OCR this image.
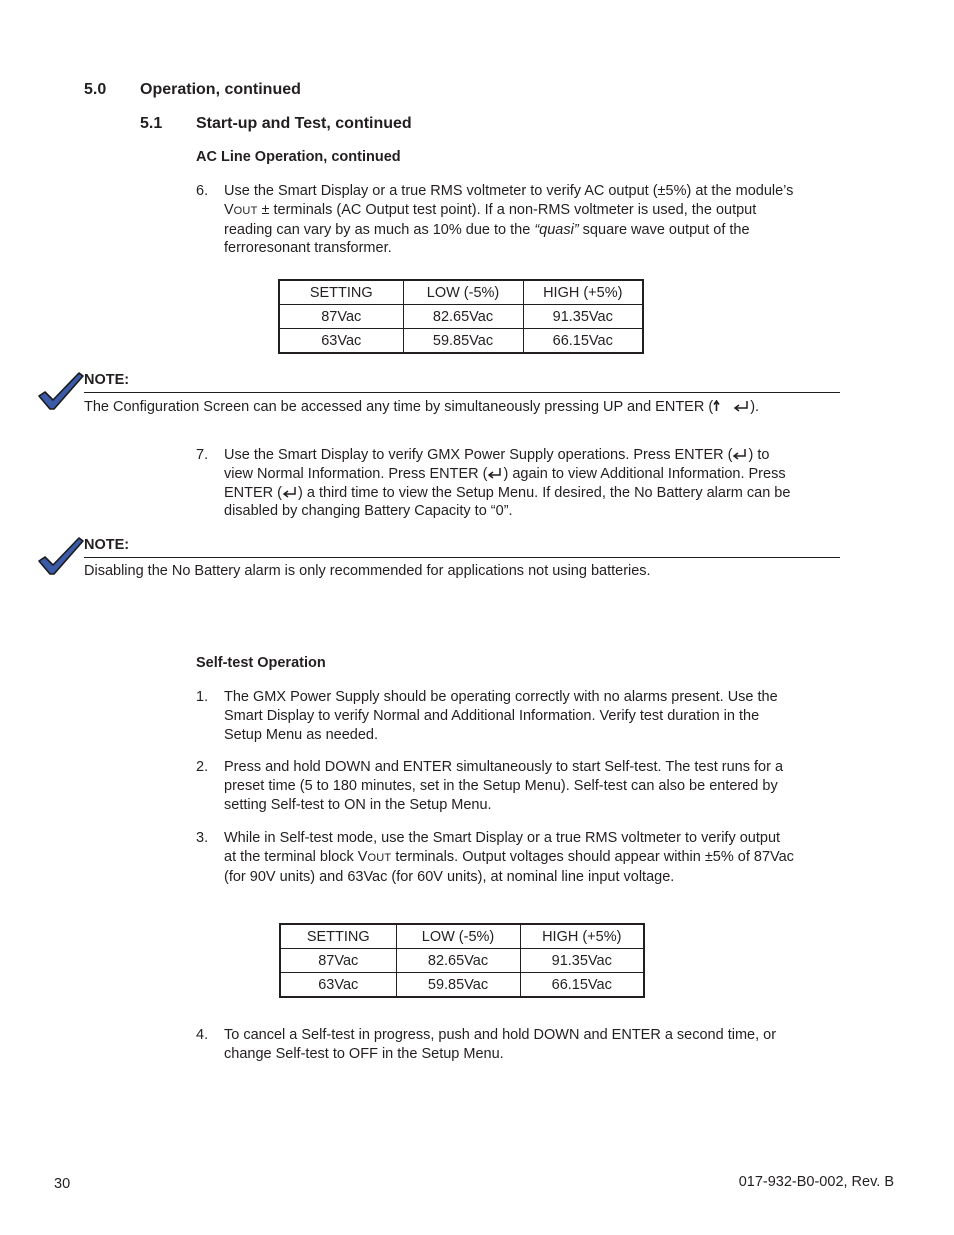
5.0 Operation, continued
5.1 Start-up and Test, continued
AC Line Operation, continued
6. Use the Smart Display or a true RMS voltmeter to verify AC output (±5%) at the module’s
VOUT ± terminals (AC Output test point). If a non-RMS voltmeter is used, the output
reading can vary by as much as 10% due to the “quasi” square wave output of the
ferroresonant transformer.
SETTING	LOW (-5%)	HIGH (+5%)
87Vac	82.65Vac	91.35Vac
63Vac	59.85Vac	66.15Vac
NOTE:
The Configuration Screen can be accessed any time by simultaneously pressing UP and ENTER (	).
7. Use the Smart Display to verify GMX Power Supply operations. Press ENTER ( ) to
view Normal Information. Press ENTER ( ) again to view Additional Information. Press
ENTER ( ) a third time to view the Setup Menu. If desired, the No Battery alarm can be
disabled by changing Battery Capacity to “0”.
NOTE:
Disabling the No Battery alarm is only recommended for applications not using batteries.
Self-test Operation
1. The GMX Power Supply should be operating correctly with no alarms present. Use the
Smart Display to verify Normal and Additional Information. Verify test duration in the
Setup Menu as needed.
2. Press and hold DOWN and ENTER simultaneously to start Self-test. The test runs for a
preset time (5 to 180 minutes, set in the Setup Menu). Self-test can also be entered by
setting Self-test to ON in the Setup Menu.
3. While in Self-test mode, use the Smart Display or a true RMS voltmeter to verify output
at the terminal block VOUT terminals. Output voltages should appear within ±5% of 87Vac
(for 90V units) and 63Vac (for 60V units), at nominal line input voltage.
SETTING	LOW (-5%)	HIGH (+5%)
87Vac	82.65Vac	91.35Vac
63Vac	59.85Vac	66.15Vac
4. To cancel a Self-test in progress, push and hold DOWN and ENTER a second time, or
change Self-test to OFF in the Setup Menu.
30	017-932-B0-002, Rev. B
